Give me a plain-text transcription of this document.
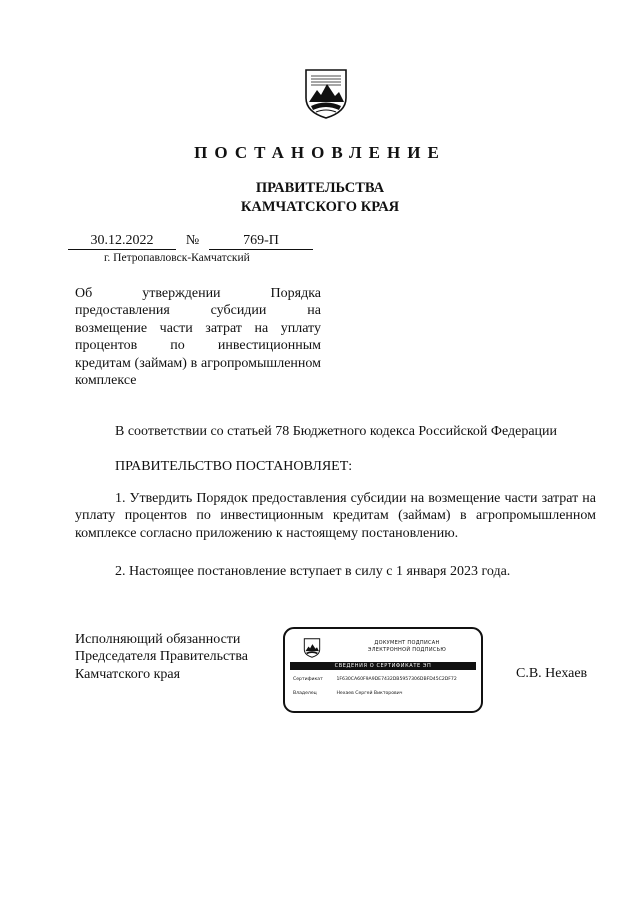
ПОСТАНОВЛЕНИЕ
ПРАВИТЕЛЬСТВА
КАМЧАТСКОГО КРАЯ
30.12.2022 №	769-П
г. Петропавловск-Камчатский
Об утверждении Порядка предоставления субсидии на возмещение части затрат на уплату процентов по инвестиционным кредитам (займам) в агропромышленном комплексе
В соответствии со статьей 78 Бюджетного кодекса Российской Федерации
ПРАВИТЕЛЬСТВО ПОСТАНОВЛЯЕТ:
1. Утвердить Порядок предоставления субсидии на возмещение части затрат на уплату процентов по инвестиционным кредитам (займам) в агропромышленном комплексе согласно приложению к настоящему постановлению.
2. Настоящее постановление вступает в силу с 1 января 2023 года.
Исполняющий обязанности
Председателя Правительства
Камчатского края
ДОКУМЕНТ ПОДПИСАН
ЭЛЕКТРОННОЙ ПОДПИСЬЮ
СВЕДЕНИЯ О СЕРТИФИКАТЕ ЭП
Сертификат	1F630CA60F9A9DE7432DB5957306DBFD45C2DF72
Владелец	Нехаев Сергей Викторович
С.В. Нехаев
